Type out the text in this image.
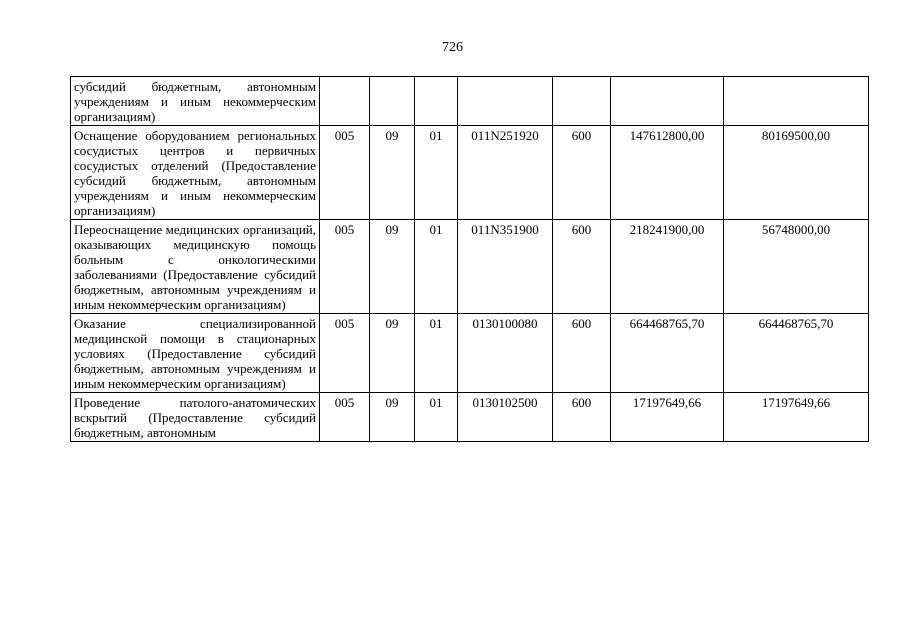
726
субсидий бюджетным, автономным учреждениям и иным некоммерческим организациям)							
Оснащение оборудованием региональных сосудистых центров и первичных сосудистых отделений (Предоставление субсидий бюджетным, автономным учреждениям и иным некоммерческим организациям)	005	09	01	011N251920	600	147612800,00	80169500,00
Переоснащение медицинских организаций, оказывающих медицинскую помощь больным с онкологическими заболеваниями (Предоставление субсидий бюджетным, автономным учреждениям и иным некоммерческим организациям)	005	09	01	011N351900	600	218241900,00	56748000,00
Оказание специализированной медицинской помощи в стационарных условиях (Предоставление субсидий бюджетным, автономным учреждениям и иным некоммерческим организациям)	005	09	01	0130100080	600	664468765,70	664468765,70
Проведение патолого-анатомических вскрытий (Предоставление субсидий бюджетным, автономным	005	09	01	0130102500	600	17197649,66	17197649,66
